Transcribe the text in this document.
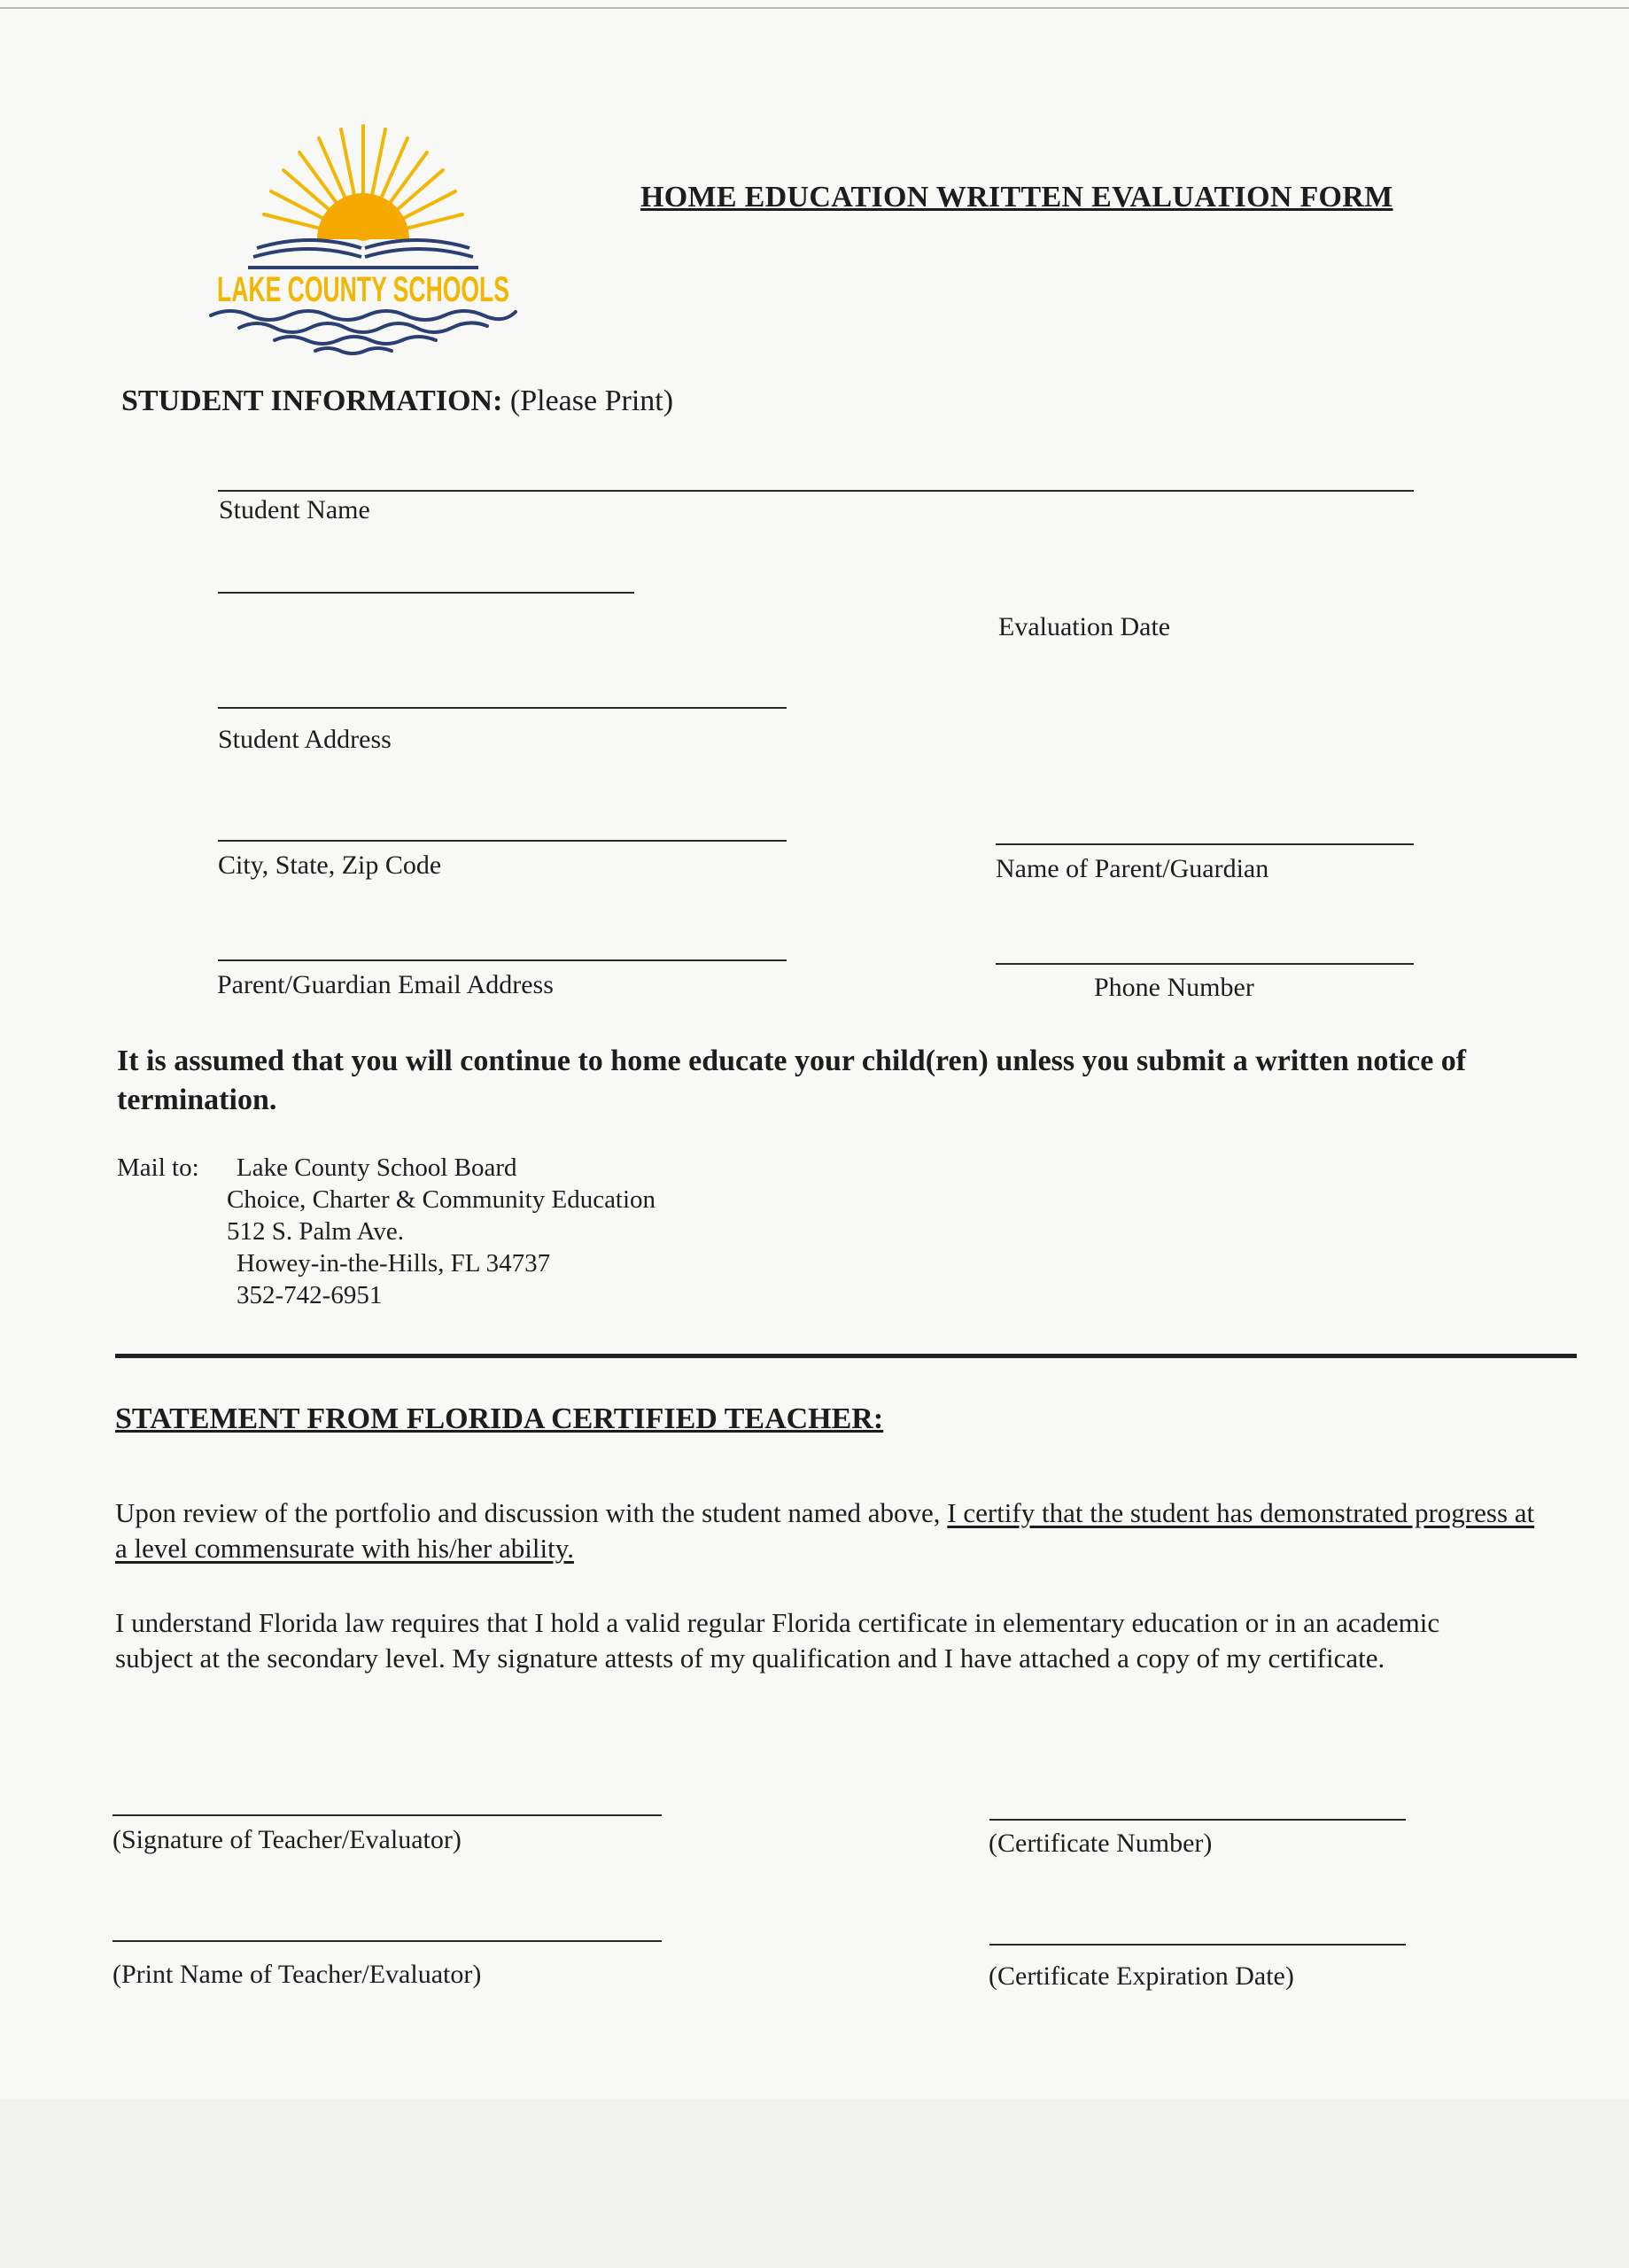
LAKE COUNTY SCHOOLS
HOME EDUCATION WRITTEN EVALUATION FORM
STUDENT INFORMATION: (Please Print)
Student Name
Evaluation Date
Student Address
City, State, Zip Code	Name of Parent/Guardian
Parent/Guardian Email Address	Phone Number
It is assumed that you will continue to home educate your child(ren) unless you submit a written notice of termination.
Mail to: Lake County School Board
Choice, Charter & Community Education
512 S. Palm Ave.
Howey-in-the-Hills, FL 34737
352-742-6951
STATEMENT FROM FLORIDA CERTIFIED TEACHER:
Upon review of the portfolio and discussion with the student named above, I certify that the student has demonstrated progress at a level commensurate with his/her ability.
I understand Florida law requires that I hold a valid regular Florida certificate in elementary education or in an academic subject at the secondary level. My signature attests of my qualification and I have attached a copy of my certificate.
(Signature of Teacher/Evaluator)	(Certificate Number)
(Print Name of Teacher/Evaluator)	(Certificate Expiration Date)
